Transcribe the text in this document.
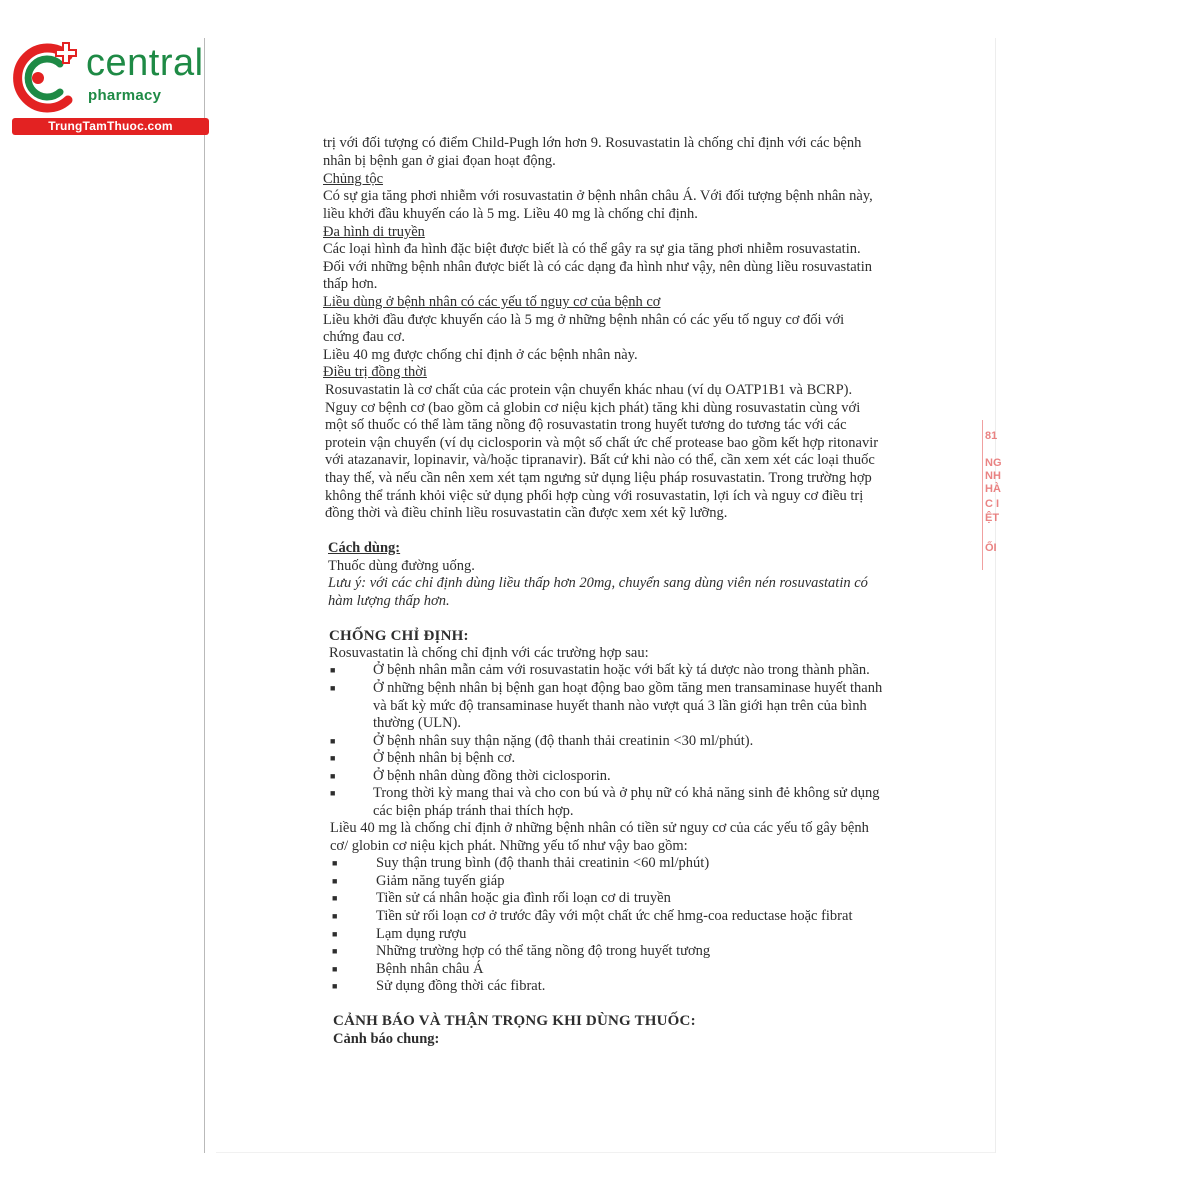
central
pharmacy
TrungTamThuoc.com
trị với đối tượng có điểm Child-Pugh lớn hơn 9. Rosuvastatin là chống chỉ định với các bệnh
nhân bị bệnh gan ở giai đọan hoạt động.
Chủng tộc
Có sự gia tăng phơi nhiễm với rosuvastatin ở bệnh nhân châu Á. Với đối tượng bệnh nhân này,
liều khởi đầu khuyến cáo là 5 mg. Liều 40 mg là chống chỉ định.
Đa hình di truyền
Các loại hình đa hình đặc biệt được biết là có thể gây ra sự gia tăng phơi nhiễm rosuvastatin.
Đối với những bệnh nhân được biết là có các dạng đa hình như vậy, nên dùng liều rosuvastatin
thấp hơn.
Liều dùng ở bệnh nhân có các yếu tố nguy cơ của bệnh cơ
Liều khởi đầu được khuyến cáo là 5 mg ở những bệnh nhân có các yếu tố nguy cơ đối với
chứng đau cơ.
Liều 40 mg được chống chỉ định ở các bệnh nhân này.
Điều trị đồng thời
Rosuvastatin là cơ chất của các protein vận chuyển khác nhau (ví dụ OATP1B1 và BCRP).
Nguy cơ bệnh cơ (bao gồm cả globin cơ niệu kịch phát) tăng khi dùng rosuvastatin cùng với
một số thuốc có thể làm tăng nồng độ rosuvastatin trong huyết tương do tương tác với các
protein vận chuyển (ví dụ ciclosporin và một số chất ức chế protease bao gồm kết hợp ritonavir
với atazanavir, lopinavir, và/hoặc tipranavir). Bất cứ khi nào có thể, cần xem xét các loại thuốc
thay thế, và nếu cần nên xem xét tạm ngưng sử dụng liệu pháp rosuvastatin. Trong trường hợp
không thể tránh khỏi việc sử dụng phối hợp cùng với rosuvastatin, lợi ích và nguy cơ điều trị
đồng thời và điều chỉnh liều rosuvastatin cần được xem xét kỹ lưỡng.
Cách dùng:
Thuốc dùng đường uống.
Lưu ý: với các chỉ định dùng liều thấp hơn 20mg, chuyển sang dùng viên nén rosuvastatin có
hàm lượng thấp hơn.
CHỐNG CHỈ ĐỊNH:
Rosuvastatin là chống chỉ định với các trường hợp sau:
■	Ở bệnh nhân mẫn cảm với rosuvastatin hoặc với bất kỳ tá dược nào trong thành phần.
■	Ở những bệnh nhân bị bệnh gan hoạt động bao gồm tăng men transaminase huyết thanh
và bất kỳ mức độ transaminase huyết thanh nào vượt quá 3 lần giới hạn trên của bình
thường (ULN).
■	Ở bệnh nhân suy thận nặng (độ thanh thải creatinin <30 ml/phút).
■	Ở bệnh nhân bị bệnh cơ.
■	Ở bệnh nhân dùng đồng thời ciclosporin.
■	Trong thời kỳ mang thai và cho con bú và ở phụ nữ có khả năng sinh đẻ không sử dụng
các biện pháp tránh thai thích hợp.
Liều 40 mg là chống chỉ định ở những bệnh nhân có tiền sử nguy cơ của các yếu tố gây bệnh
cơ/ globin cơ niệu kịch phát. Những yếu tố như vậy bao gồm:
■	Suy thận trung bình (độ thanh thải creatinin <60 ml/phút)
■	Giảm năng tuyến giáp
■	Tiền sử cá nhân hoặc gia đình rối loạn cơ di truyền
■	Tiền sử rối loạn cơ ở trước đây với một chất ức chế hmg-coa reductase hoặc fibrat
■	Lạm dụng rượu
■	Những trường hợp có thể tăng nồng độ trong huyết tương
■	Bệnh nhân châu Á
■	Sử dụng đồng thời các fibrat.
CẢNH BÁO VÀ THẬN TRỌNG KHI DÙNG THUỐC:
Cảnh báo chung:
81
NG
NH
HÀ
C I
ỆT
ỐI
